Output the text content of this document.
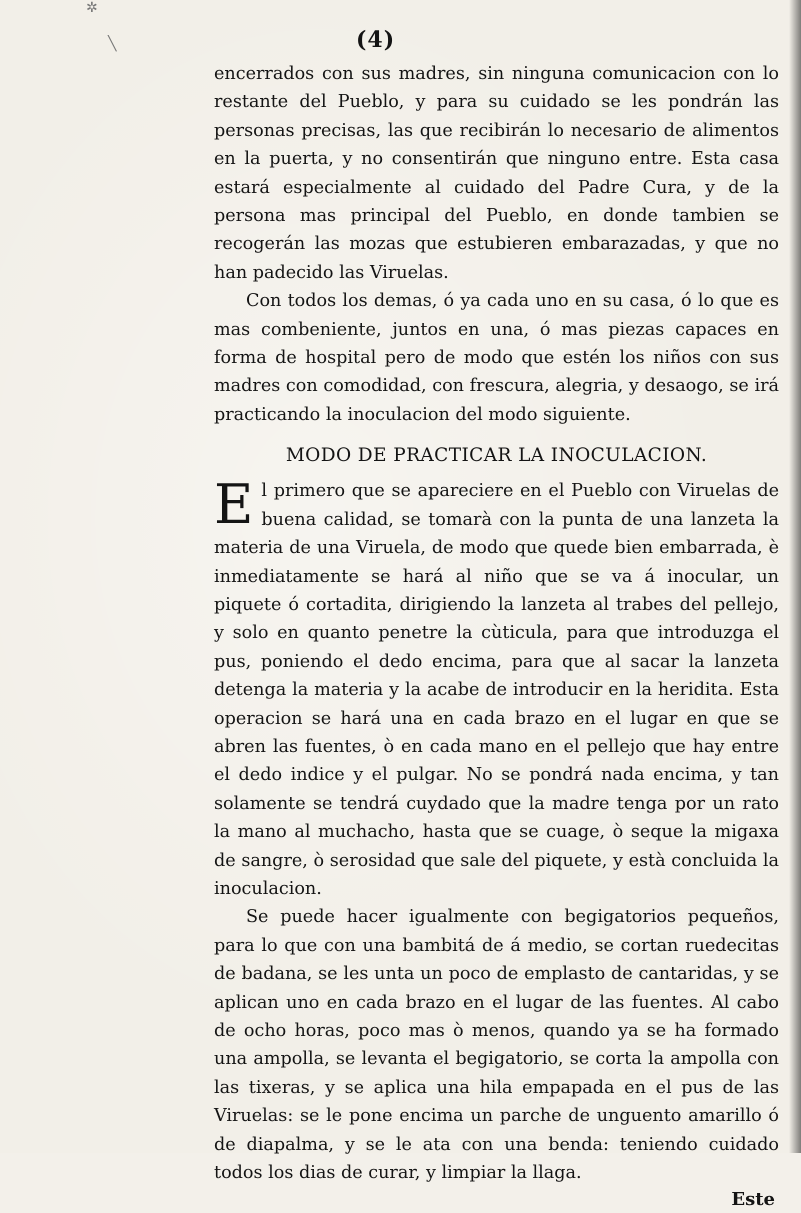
✲
╲	(4)

encerrados con sus madres, sin ninguna comunicacion con lo restante del Pueblo, y para su cuidado se les pondrán las personas precisas, las que recibirán lo necesario de alimentos en la puerta, y no consentirán que ninguno entre. Esta casa estará especialmente al cuidado del Padre Cura, y de la persona mas principal del Pueblo, en donde tambien se recogerán las mozas que estubieren embarazadas, y que no han padecido las Viruelas.

Con todos los demas, ó ya cada uno en su casa, ó lo que es mas combeniente, juntos en una, ó mas piezas capaces en forma de hospital pero de modo que estén los niños con sus madres con comodidad, con frescura, alegria, y desaogo, se irá practicando la inoculacion del modo siguiente.

MODO DE PRACTICAR LA INOCULACION.

El primero que se apareciere en el Pueblo con Viruelas de buena calidad, se tomarà con la punta de una lanzeta la materia de una Viruela, de modo que quede bien embarrada, è inmediatamente se hará al niño que se va á inocular, un piquete ó cortadita, dirigiendo la lanzeta al trabes del pellejo, y solo en quanto penetre la cùticula, para que introduzga el pus, poniendo el dedo encima, para que al sacar la lanzeta detenga la materia y la acabe de introducir en la heridita. Esta operacion se hará una en cada brazo en el lugar en que se abren las fuentes, ò en cada mano en el pellejo que hay entre el dedo indice y el pulgar. No se pondrá nada encima, y tan solamente se tendrá cuydado que la madre tenga por un rato la mano al muchacho, hasta que se cuage, ò seque la migaxa de sangre, ò serosidad que sale del piquete, y està concluida la inoculacion.

Se puede hacer igualmente con begigatorios pequeños, para lo que con una bambitá de á medio, se cortan ruedecitas de badana, se les unta un poco de emplasto de cantaridas, y se aplican uno en cada brazo en el lugar de las fuentes. Al cabo de ocho horas, poco mas ò menos, quando ya se ha formado una ampolla, se levanta el begigatorio, se corta la ampolla con las tixeras, y se aplica una hila empapada en el pus de las Viruelas: se le pone encima un parche de unguento amarillo ó de diapalma, y se le ata con una benda: teniendo cuidado todos los dias de curar, y limpiar la llaga.

Este
